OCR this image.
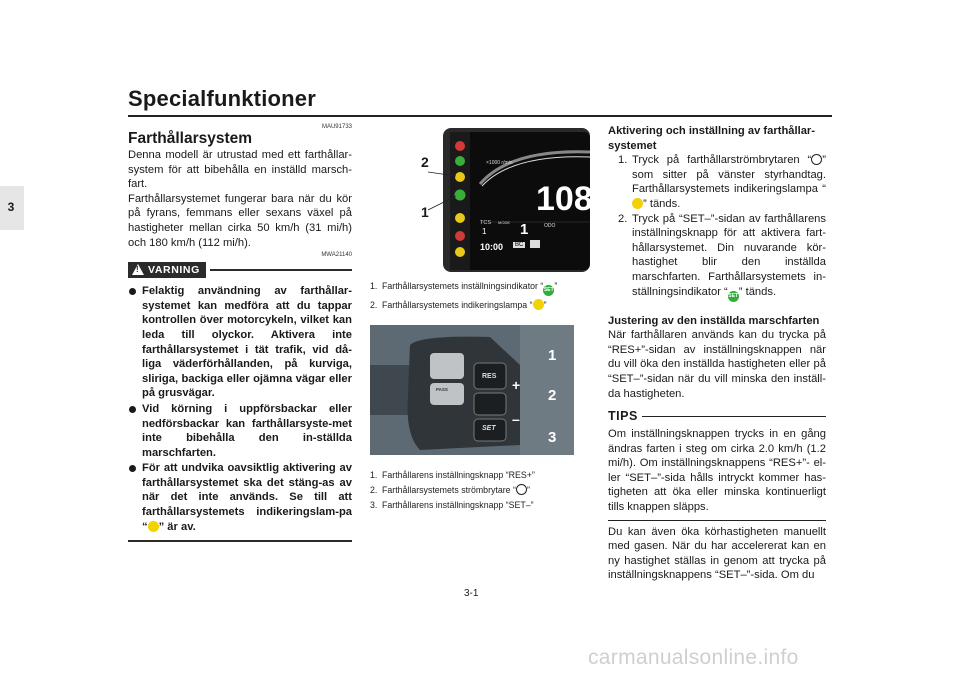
Specialfunktioner
3
MAU91733
Farthållarsystem
Denna modell är utrustad med ett farthållar-system för att bibehålla en inställd marsch-fart.
Farthållarsystemet fungerar bara när du kör på fyrans, femmans eller sexans växel på hastigheter mellan cirka 50 km/h (31 mi/h) och 180 km/h (112 mi/h).
MWA21140
!
VARNING
Felaktig användning av farthållar-systemet kan medföra att du tappar kontrollen över motorcykeln, vilket kan leda till olyckor. Aktivera inte farthållarsystemet i tät trafik, vid då-liga väderförhållanden, på kurviga, sliriga, backiga eller ojämna vägar eller på grusvägar.
Vid körning i uppförsbackar eller nedförsbackar kan farthållarsyste-met inte bibehålla den in-ställda marschfarten.
För att undvika oavsiktlig aktivering av farthållarsystemet ska det stäng-as av när det inte används. Se till att farthållarsystemets indikeringslam-pa “ ” är av.
2
1
×1000 r/min
108
TCS MODE
1 1	ODO
10:00	BC
1. Farthållarsystemets inställningsindikator “SET”
2. Farthållarsystemets indikeringslampa “ ”
RES
SET
PASS	+
–
1
2
3
1. Farthållarens inställningsknapp “RES+”
2. Farthållarsystemets strömbrytare “ ”
3. Farthållarens inställningsknapp “SET–”
Aktivering och inställning av farthållar-systemet
1. Tryck på farthållarströmbrytaren “ ” som sitter på vänster styrhandtag. Farthållarsystemets indikeringslampa “” tänds.
2. Tryck på “SET–”-sidan av farthållarens inställningsknapp för att aktivera fart-hållarsystemet. Din nuvarande kör-hastighet blir den inställda marschfarten. Farthållarsystemets in-ställningsindikator “SET” tänds.
Justering av den inställda marschfarten
När farthållaren används kan du trycka på “RES+”-sidan av inställningsknappen när du vill öka den inställda hastigheten eller på “SET–”-sidan när du vill minska den inställ-da hastigheten.
TIPS
Om inställningsknappen trycks in en gång ändras farten i steg om cirka 2.0 km/h (1.2 mi/h). Om inställningsknappens “RES+”- el-ler “SET–”-sida hålls intryckt kommer has-tigheten att öka eller minska kontinuerligt tills knappen släpps.
Du kan även öka körhastigheten manuellt med gasen. När du har accelererat kan en ny hastighet ställas in genom att trycka på inställningsknappens “SET–”-sida. Om du
3-1
carmanualsonline.info
